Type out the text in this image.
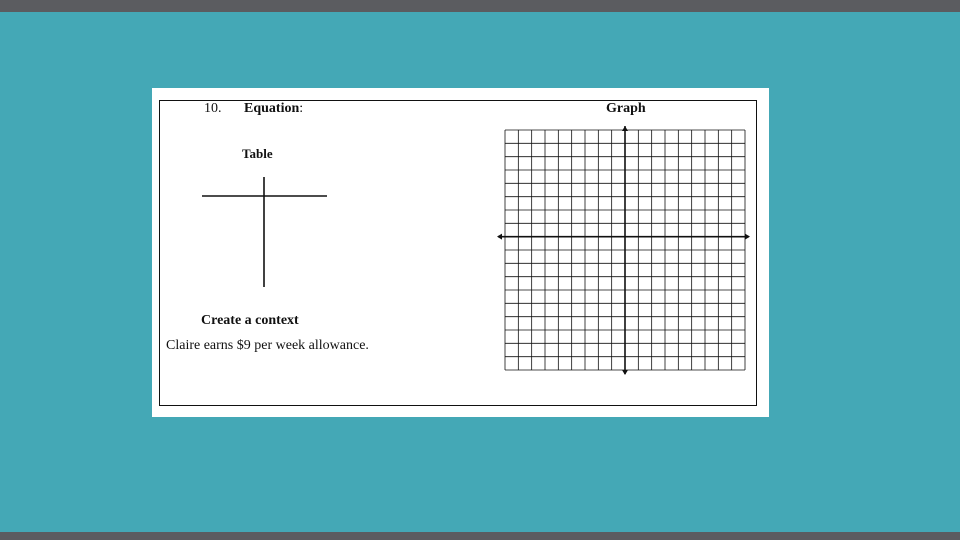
10. Equation:	Graph
Table
Create a context
Claire earns $9 per week allowance.
